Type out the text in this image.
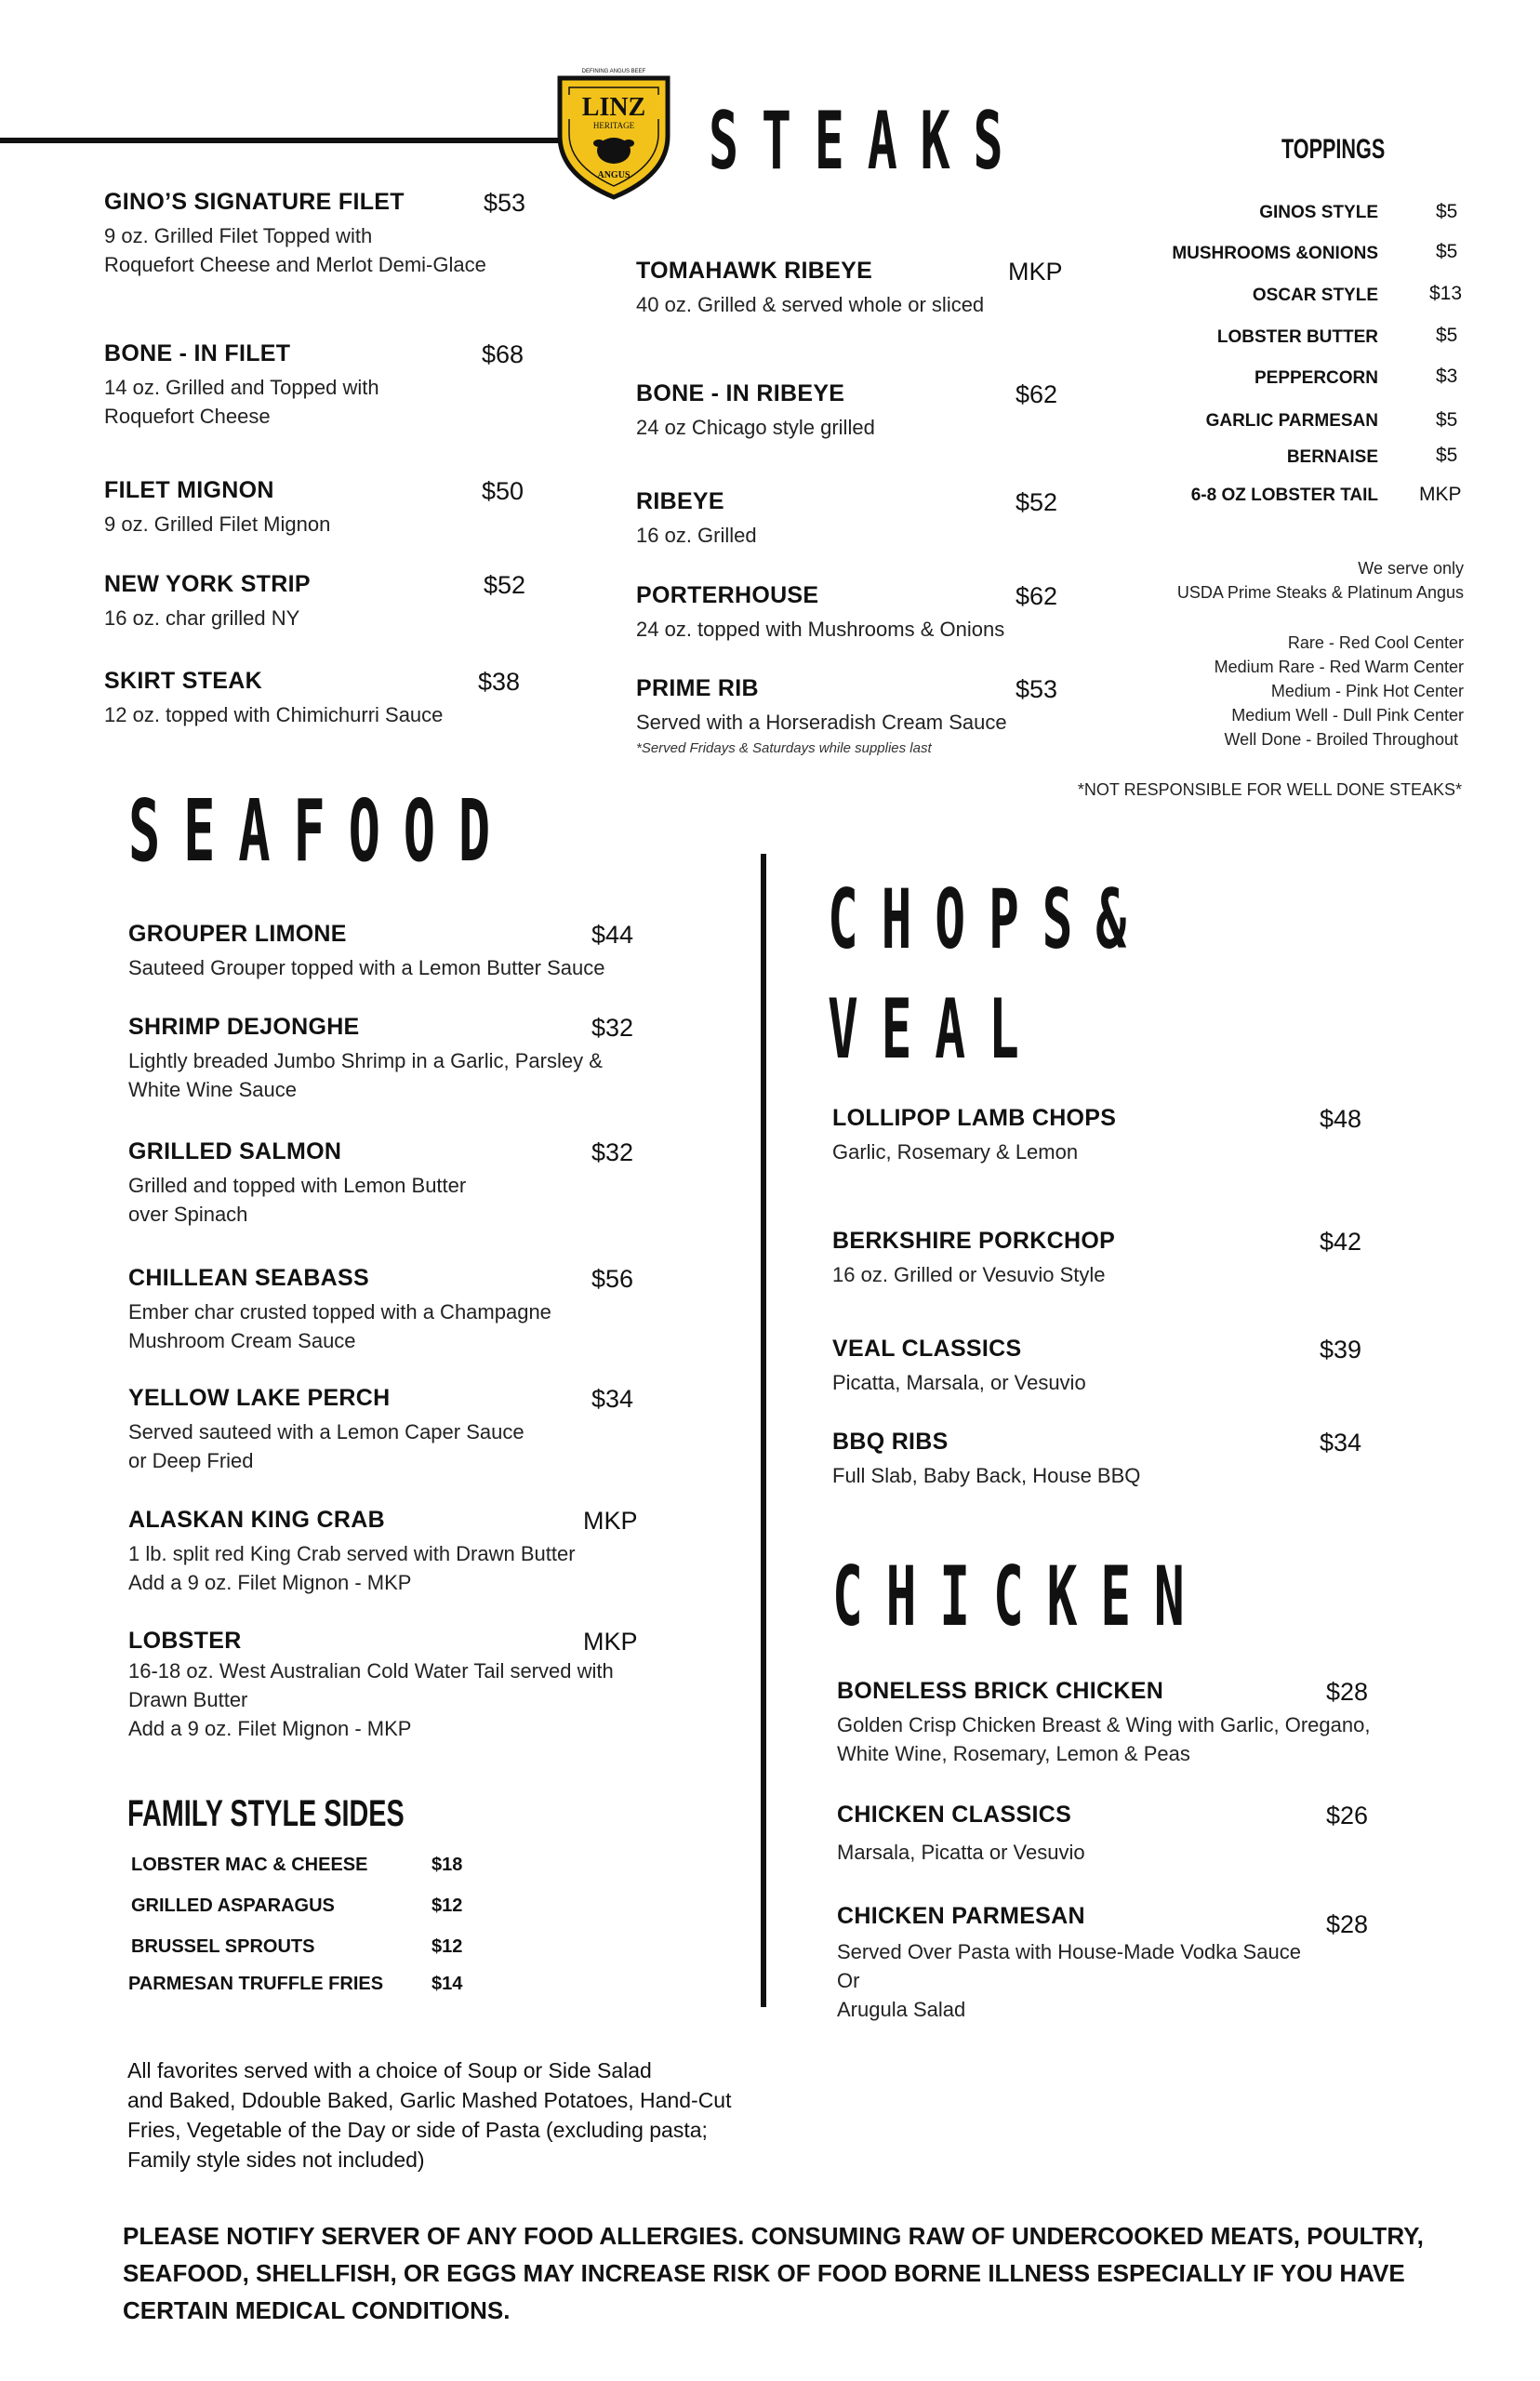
LINZ
HERITAGE
ANGUS
DEFINING ANGUS BEEF
STEAKS	TOPPINGS
SEAFOOD
CHOPS&
VEAL
CHICKEN
FAMILY STYLE SIDES
GINO’S SIGNATURE FILET	$53
9 oz. Grilled Filet Topped with
Roquefort Cheese and Merlot Demi-Glace
BONE - IN FILET	$68
14 oz. Grilled and Topped with
Roquefort Cheese
FILET MIGNON	$50
9 oz. Grilled Filet Mignon
NEW YORK STRIP	$52
16 oz. char grilled NY
SKIRT STEAK	$38
12 oz. topped with Chimichurri Sauce
TOMAHAWK RIBEYE	MKP
40 oz. Grilled & served whole or sliced
BONE - IN RIBEYE	$62
24 oz Chicago style grilled
RIBEYE	$52
16 oz. Grilled
PORTERHOUSE	$62
24 oz. topped with Mushrooms & Onions
PRIME RIB	$53
Served with a Horseradish Cream Sauce
*Served Fridays & Saturdays while supplies last
GINOS STYLE	$5
MUSHROOMS &ONIONS	$5
OSCAR STYLE	$13
LOBSTER BUTTER	$5
PEPPERCORN	$3
GARLIC PARMESAN	$5
BERNAISE	$5
6-8 OZ LOBSTER TAIL MKP
We serve only
USDA Prime Steaks & Platinum Angus
Rare - Red Cool Center
Medium Rare - Red Warm Center
Medium - Pink Hot Center
Medium Well - Dull Pink Center
Well Done - Broiled Throughout
*NOT RESPONSIBLE FOR WELL DONE STEAKS*
GROUPER LIMONE	$44
Sauteed Grouper topped with a Lemon Butter Sauce
SHRIMP DEJONGHE	$32
Lightly breaded Jumbo Shrimp in a Garlic, Parsley &
White Wine Sauce
GRILLED SALMON	$32
Grilled and topped with Lemon Butter
over Spinach
CHILLEAN SEABASS	$56
Ember char crusted topped with a Champagne
Mushroom Cream Sauce
YELLOW LAKE PERCH	$34
Served sauteed with a Lemon Caper Sauce
or Deep Fried
ALASKAN KING CRAB	MKP
1 lb. split red King Crab served with Drawn Butter
Add a 9 oz. Filet Mignon - MKP
LOBSTER	MKP
16-18 oz. West Australian Cold Water Tail served with
Drawn Butter
Add a 9 oz. Filet Mignon - MKP
LOBSTER MAC & CHEESE	$18
GRILLED ASPARAGUS	$12
BRUSSEL SPROUTS	$12
PARMESAN TRUFFLE FRIES	$14
LOLLIPOP LAMB CHOPS	$48
Garlic, Rosemary & Lemon
BERKSHIRE PORKCHOP	$42
16 oz. Grilled or Vesuvio Style
VEAL CLASSICS	$39
Picatta, Marsala, or Vesuvio
BBQ RIBS	$34
Full Slab, Baby Back, House BBQ
BONELESS BRICK CHICKEN	$28
Golden Crisp Chicken Breast & Wing with Garlic, Oregano,
White Wine, Rosemary, Lemon & Peas
CHICKEN CLASSICS	$26
Marsala, Picatta or Vesuvio
CHICKEN PARMESAN	$28
Served Over Pasta with House-Made Vodka Sauce
Or
Arugula Salad
All favorites served with a choice of Soup or Side Salad
and Baked, Ddouble Baked, Garlic Mashed Potatoes, Hand-Cut
Fries, Vegetable of the Day or side of Pasta (excluding pasta;
Family style sides not included)
PLEASE NOTIFY SERVER OF ANY FOOD ALLERGIES. CONSUMING RAW OF UNDERCOOKED MEATS, POULTRY, SEAFOOD, SHELLFISH, OR EGGS MAY INCREASE RISK OF FOOD BORNE ILLNESS ESPECIALLY IF YOU HAVE CERTAIN MEDICAL CONDITIONS.
